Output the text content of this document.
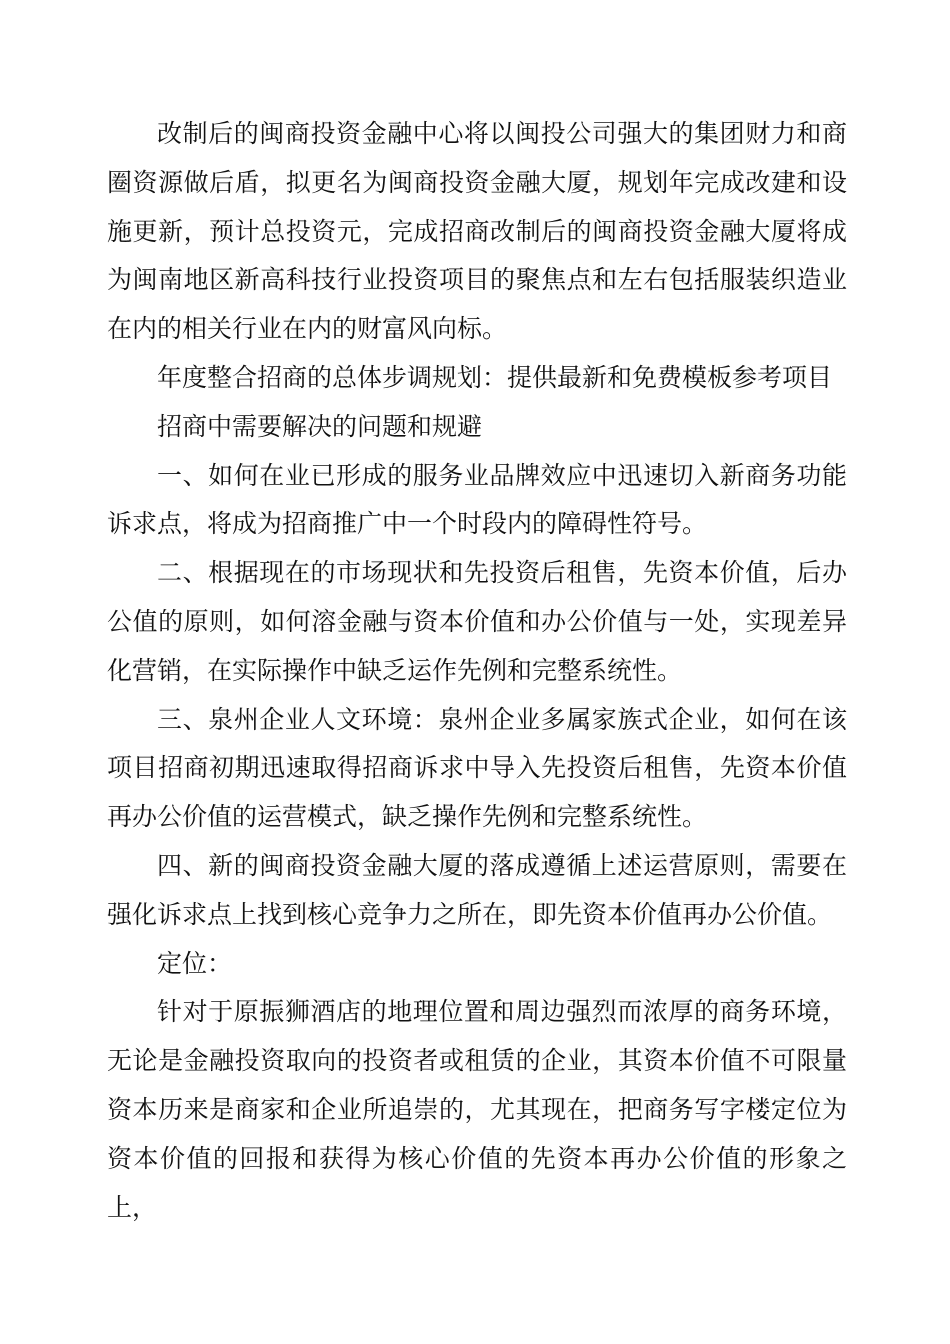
改制后的闽商投资金融中心将以闽投公司强大的集团财力和商圈资源做后盾，拟更名为闽商投资金融大厦，规划年完成改建和设施更新，预计总投资元，完成招商改制后的闽商投资金融大厦将成为闽南地区新高科技行业投资项目的聚焦点和左右包括服装织造业在内的相关行业在内的财富风向标。

年度整合招商的总体步调规划：提供最新和免费模板参考项目

招商中需要解决的问题和规避

一、如何在业已形成的服务业品牌效应中迅速切入新商务功能诉求点，将成为招商推广中一个时段内的障碍性符号。

二、根据现在的市场现状和先投资后租售，先资本价值，后办公值的原则，如何溶金融与资本价值和办公价值与一处，实现差异化营销，在实际操作中缺乏运作先例和完整系统性。

三、泉州企业人文环境：泉州企业多属家族式企业，如何在该项目招商初期迅速取得招商诉求中导入先投资后租售，先资本价值再办公价值的运营模式，缺乏操作先例和完整系统性。

四、新的闽商投资金融大厦的落成遵循上述运营原则，需要在强化诉求点上找到核心竞争力之所在，即先资本价值再办公价值。

定位：

针对于原振狮酒店的地理位置和周边强烈而浓厚的商务环境，无论是金融投资取向的投资者或租赁的企业，其资本价值不可限量资本历来是商家和企业所追崇的，尤其现在，把商务写字楼定位为资本价值的回报和获得为核心价值的先资本再办公价值的形象之上，
